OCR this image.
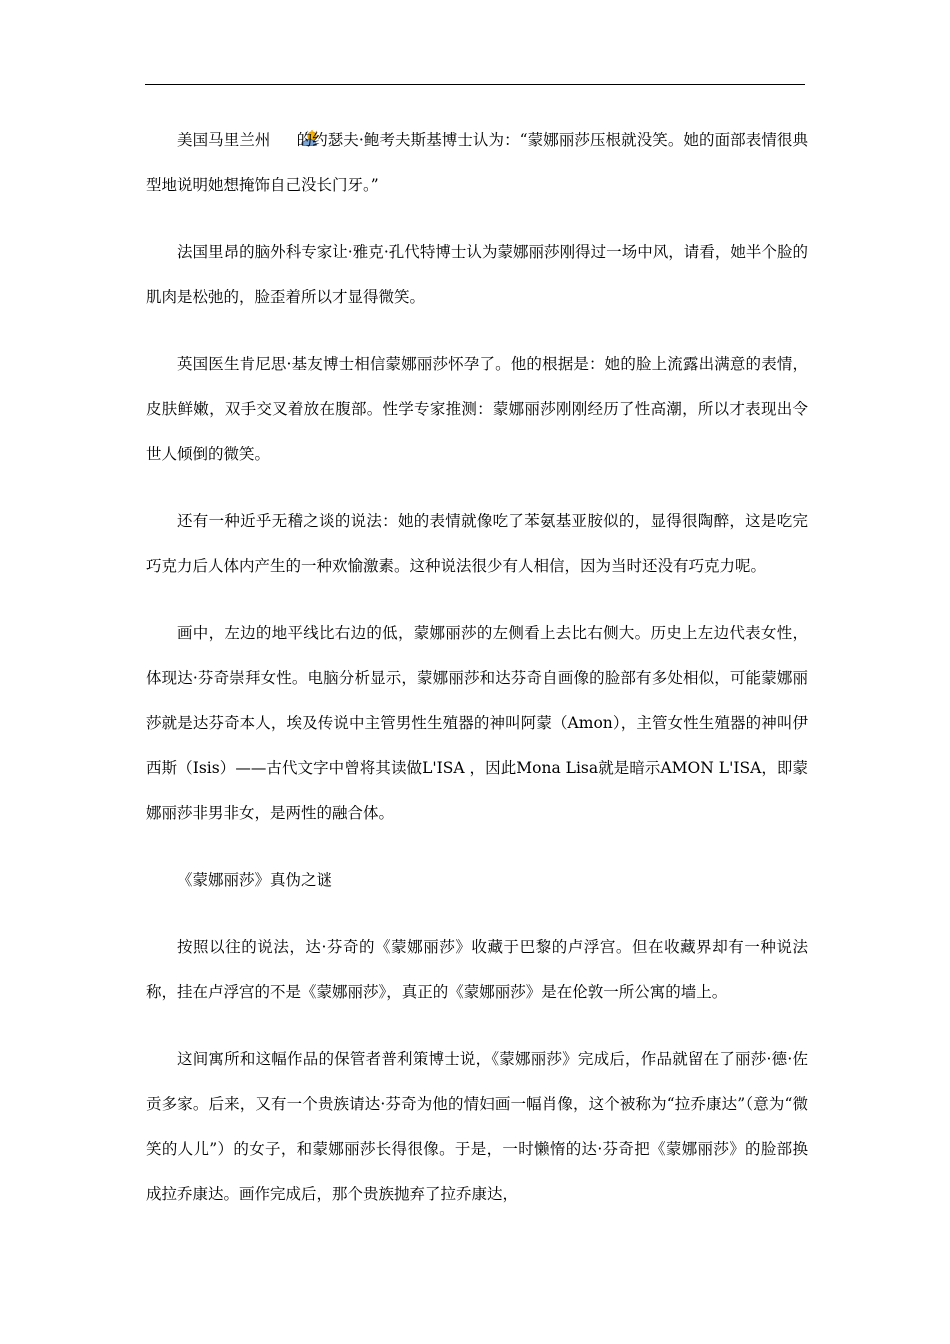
美国马里兰州 的约瑟夫·鲍考夫斯基博士认为：“蒙娜丽莎压根就没笑。她的面部表情很典型地说明她想掩饰自己没长门牙。”

法国里昂的脑外科专家让·雅克·孔代特博士认为蒙娜丽莎刚得过一场中风，请看，她半个脸的肌肉是松弛的，脸歪着所以才显得微笑。

英国医生肯尼思·基友博士相信蒙娜丽莎怀孕了。他的根据是：她的脸上流露出满意的表情，皮肤鲜嫩，双手交叉着放在腹部。性学专家推测：蒙娜丽莎刚刚经历了性高潮，所以才表现出令世人倾倒的微笑。

还有一种近乎无稽之谈的说法：她的表情就像吃了苯氨基亚胺似的，显得很陶醉，这是吃完巧克力后人体内产生的一种欢愉激素。这种说法很少有人相信，因为当时还没有巧克力呢。

画中，左边的地平线比右边的低，蒙娜丽莎的左侧看上去比右侧大。历史上左边代表女性，体现达·芬奇崇拜女性。电脑分析显示，蒙娜丽莎和达芬奇自画像的脸部有多处相似，可能蒙娜丽莎就是达芬奇本人，埃及传说中主管男性生殖器的神叫阿蒙（Amon），主管女性生殖器的神叫伊西斯（Isis）——古代文字中曾将其读做L'ISA ，因此Mona Lisa就是暗示AMON L'ISA，即蒙娜丽莎非男非女，是两性的融合体。

《蒙娜丽莎》真伪之谜

按照以往的说法，达·芬奇的《蒙娜丽莎》收藏于巴黎的卢浮宫。但在收藏界却有一种说法称，挂在卢浮宫的不是《蒙娜丽莎》，真正的《蒙娜丽莎》是在伦敦一所公寓的墙上。

这间寓所和这幅作品的保管者普利策博士说，《蒙娜丽莎》完成后，作品就留在了丽莎·德·佐贡多家。后来，又有一个贵族请达·芬奇为他的情妇画一幅肖像，这个被称为“拉乔康达”（意为“微笑的人儿”）的女子，和蒙娜丽莎长得很像。于是，一时懒惰的达·芬奇把《蒙娜丽莎》的脸部换成拉乔康达。画作完成后，那个贵族抛弃了拉乔康达，
